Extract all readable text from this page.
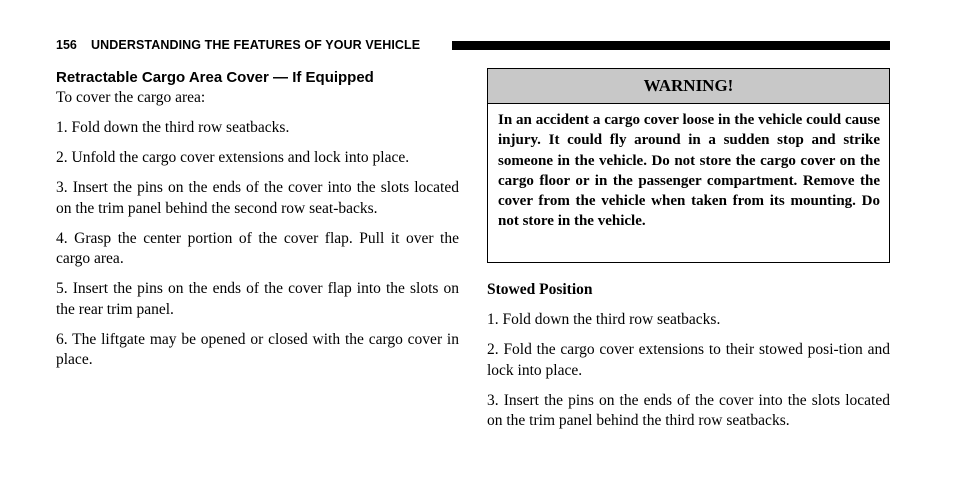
156 UNDERSTANDING THE FEATURES OF YOUR VEHICLE
Retractable Cargo Area Cover — If Equipped

To cover the cargo area:

1. Fold down the third row seatbacks.

2. Unfold the cargo cover extensions and lock into place.

3. Insert the pins on the ends of the cover into the slots located on the trim panel behind the second row seat-backs.

4. Grasp the center portion of the cover flap. Pull it over the cargo area.

5. Insert the pins on the ends of the cover flap into the slots on the rear trim panel.

6. The liftgate may be opened or closed with the cargo cover in place.

WARNING!

In an accident a cargo cover loose in the vehicle could cause injury. It could fly around in a sudden stop and strike someone in the vehicle. Do not store the cargo cover on the cargo floor or in the passenger compartment. Remove the cover from the vehicle when taken from its mounting. Do not store in the vehicle.

Stowed Position

1. Fold down the third row seatbacks.

2. Fold the cargo cover extensions to their stowed posi-tion and lock into place.

3. Insert the pins on the ends of the cover into the slots located on the trim panel behind the third row seatbacks.
